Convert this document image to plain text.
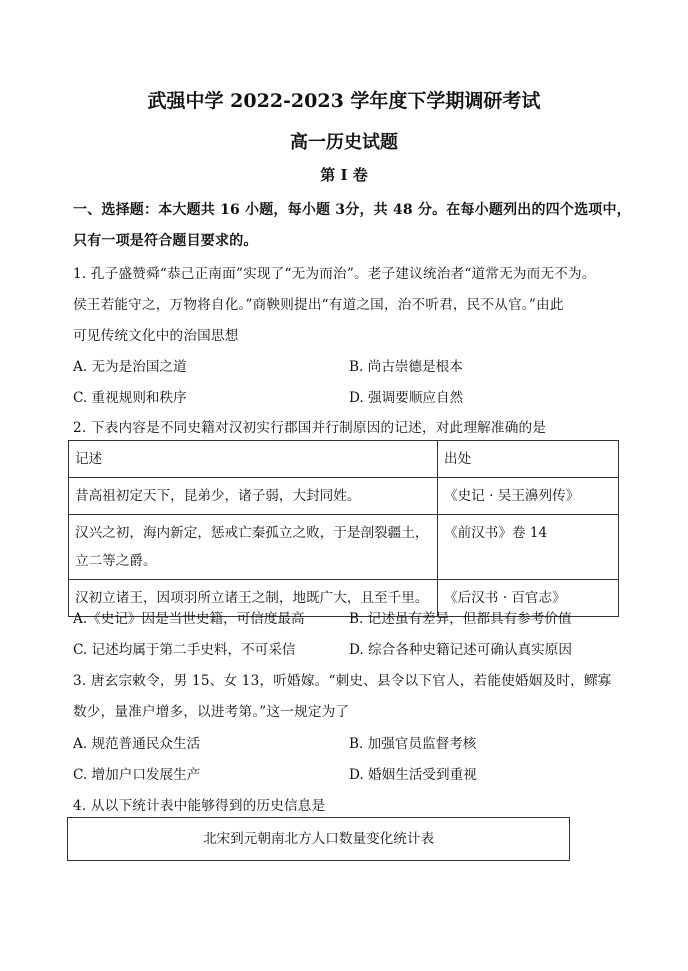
武强中学 2022-2023 学年度下学期调研考试
高一历史试题
第 I 卷
一、选择题：本大题共 16 小题，每小题 3分，共 48 分。在每小题列出的四个选项中，
只有一项是符合题目要求的。
1. 孔子盛赞舜“恭己正南面”实现了“无为而治”。老子建议统治者“道常无为而无不为。
侯王若能守之，万物将自化。”商鞅则提出“有道之国，治不听君，民不从官。”由此
可见传统文化中的治国思想
A. 无为是治国之道	B. 尚古崇德是根本
C. 重视规则和秩序	D. 强调要顺应自然
2. 下表内容是不同史籍对汉初实行郡国并行制原因的记述，对此理解准确的是
记述	出处
昔高祖初定天下，昆弟少，诸子弱，大封同姓。	《史记 · 吴王濞列传》
汉兴之初，海内新定，惩戒亡秦孤立之败，于是剖裂疆土，
立二等之爵。	《前汉书》卷 14
汉初立诸王，因项羽所立诸王之制，地既广大，且至千里。	《后汉书 · 百官志》
A.《史记》因是当世史籍，可信度最高	B. 记述虽有差异，但都具有参考价值
C. 记述均属于第二手史料，不可采信	D. 综合各种史籍记述可确认真实原因
3. 唐玄宗敕令，男 15、女 13，听婚嫁。“刺史、县令以下官人，若能使婚姻及时，鳏寡
数少，量准户增多，以进考第。”这一规定为了
A. 规范普通民众生活	B. 加强官员监督考核
C. 增加户口发展生产	D. 婚姻生活受到重视
4. 从以下统计表中能够得到的历史信息是
北宋到元朝南北方人口数量变化统计表
